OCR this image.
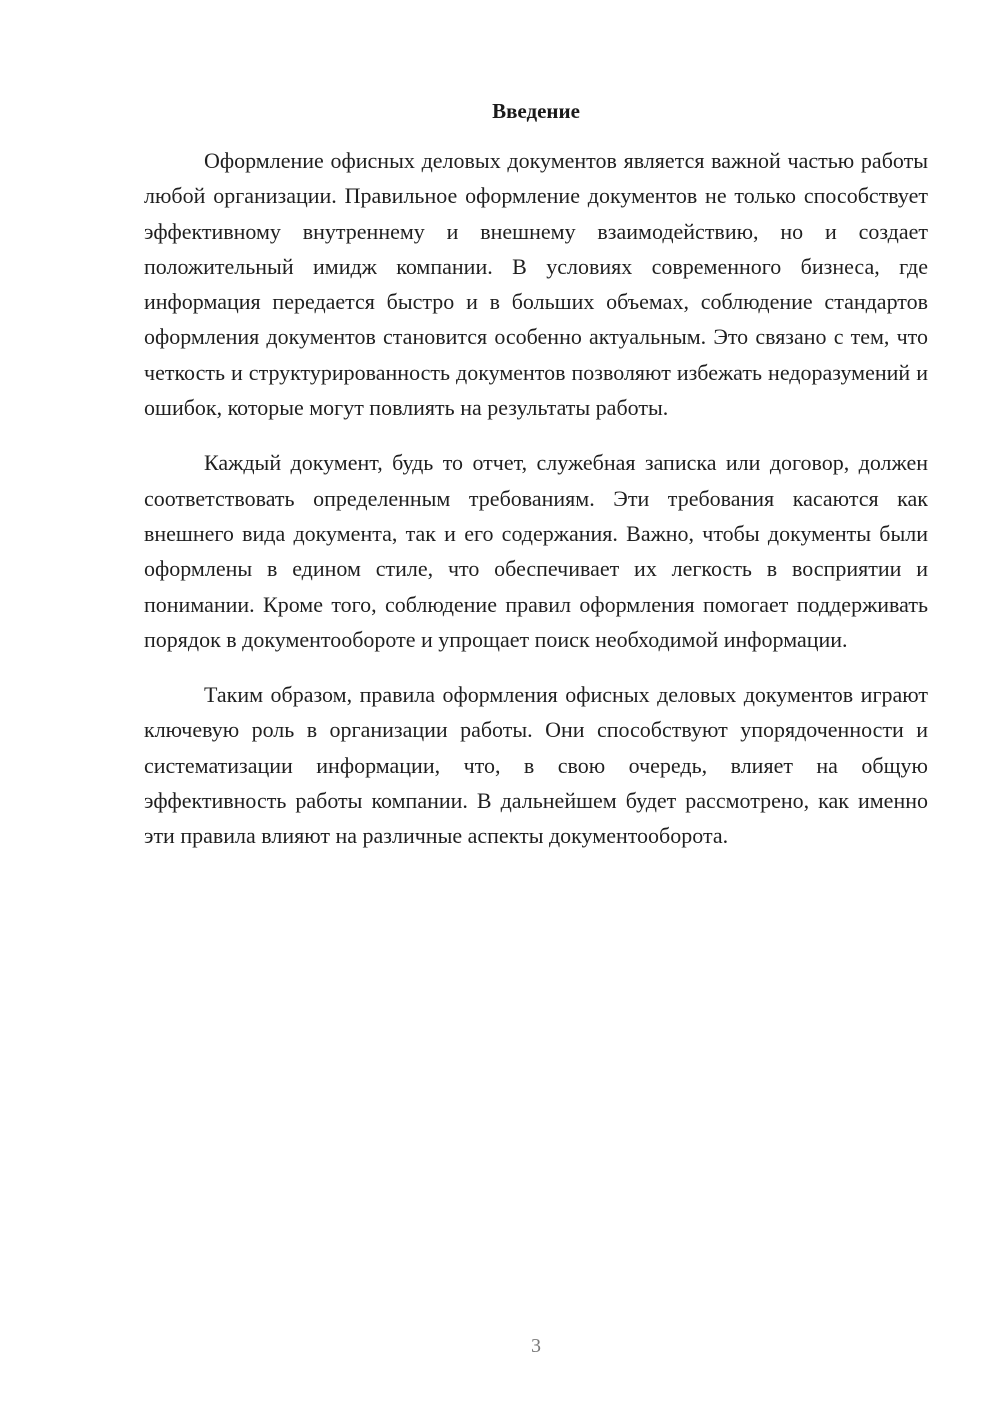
Введение

Оформление офисных деловых документов является важной частью работы любой организации. Правильное оформление документов не только способствует эффективному внутреннему и внешнему взаимодействию, но и создает положительный имидж компании. В условиях современного бизнеса, где информация передается быстро и в больших объемах, соблюдение стандартов оформления документов становится особенно актуальным. Это связано с тем, что четкость и структурированность документов позволяют избежать недоразумений и ошибок, которые могут повлиять на результаты работы.

Каждый документ, будь то отчет, служебная записка или договор, должен соответствовать определенным требованиям. Эти требования касаются как внешнего вида документа, так и его содержания. Важно, чтобы документы были оформлены в едином стиле, что обеспечивает их легкость в восприятии и понимании. Кроме того, соблюдение правил оформления помогает поддерживать порядок в документообороте и упрощает поиск необходимой информации.

Таким образом, правила оформления офисных деловых документов играют ключевую роль в организации работы. Они способствуют упорядоченности и систематизации информации, что, в свою очередь, влияет на общую эффективность работы компании. В дальнейшем будет рассмотрено, как именно эти правила влияют на различные аспекты документооборота.

3
